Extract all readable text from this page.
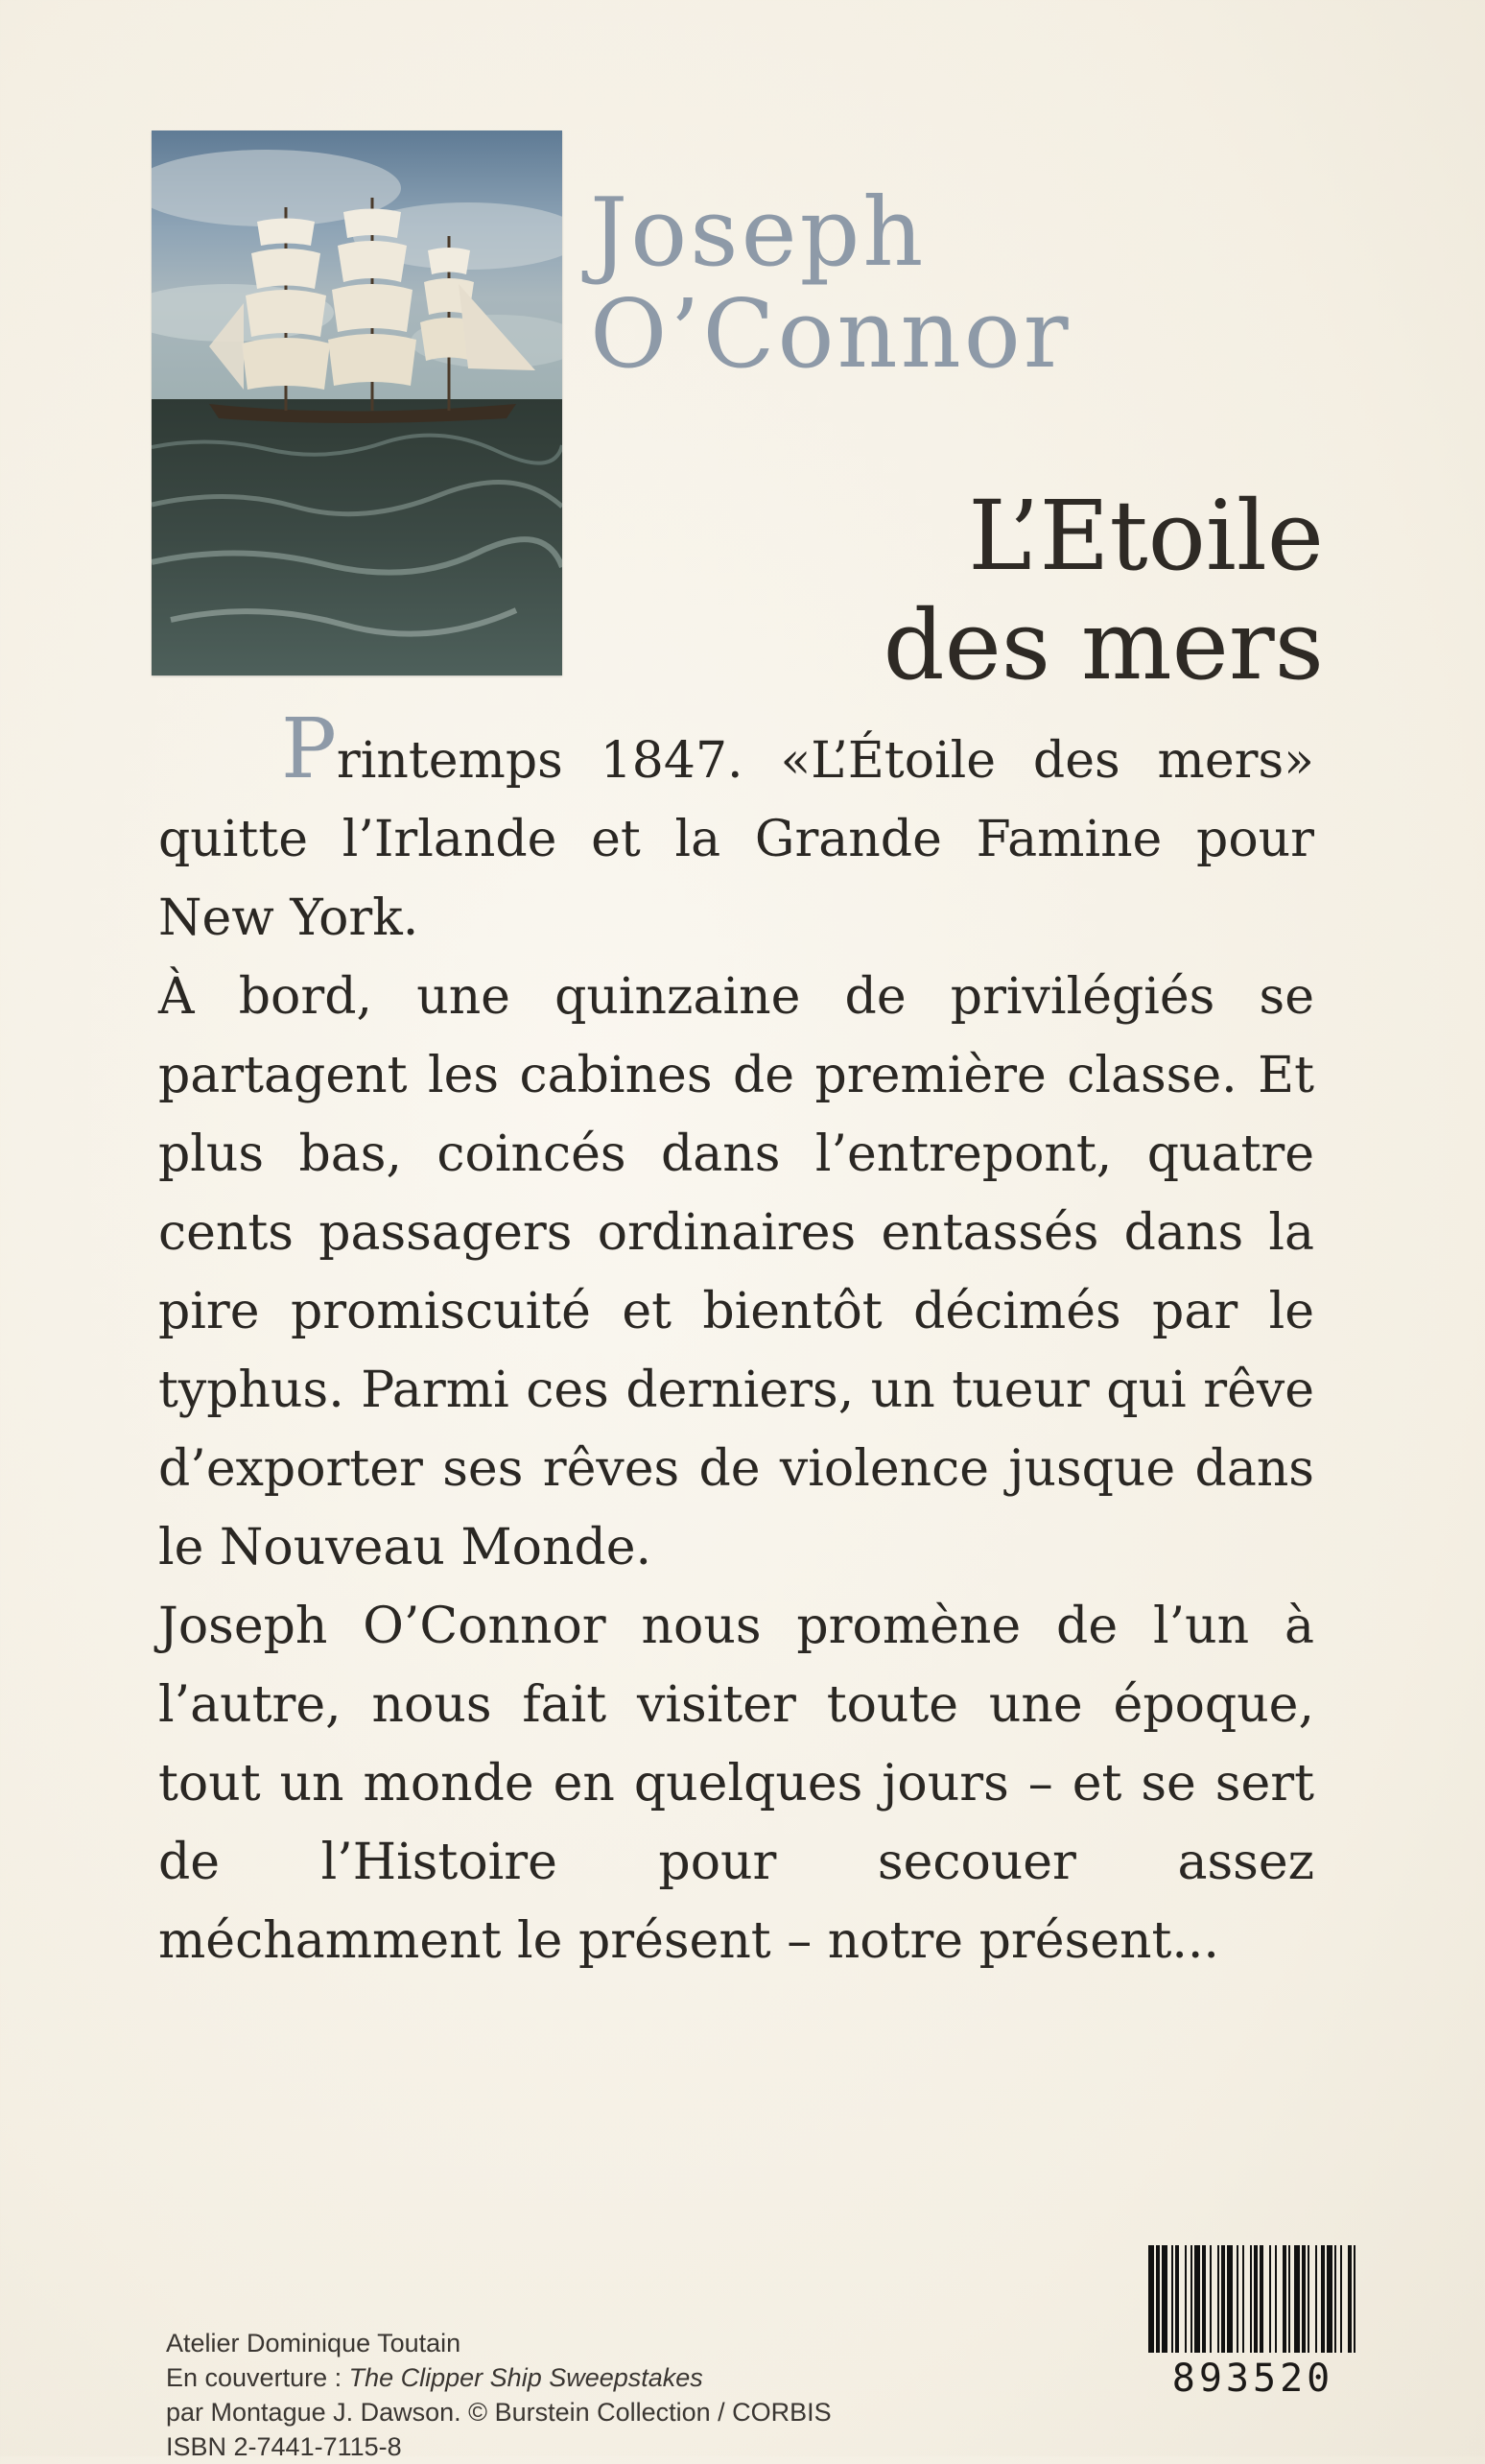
Joseph
O’Connor
L’Etoile
des mers

Printemps 1847. «L’Étoile des mers» quitte l’Irlande et la Grande Famine pour New York.

À bord, une quinzaine de privilégiés se partagent les cabines de première classe. Et plus bas, coincés dans l’entrepont, quatre cents passagers ordinaires entassés dans la pire promiscuité et bientôt décimés par le typhus. Parmi ces derniers, un tueur qui rêve d’exporter ses rêves de violence jusque dans le Nouveau Monde.

Joseph O’Connor nous promène de l’un à l’autre, nous fait visiter toute une époque, tout un monde en quelques jours – et se sert de l’Histoire pour secouer assez méchamment le présent – notre présent...

Atelier Dominique Toutain
En couverture : The Clipper Ship Sweepstakes
par Montague J. Dawson. © Burstein Collection / CORBIS
ISBN 2-7441-7115-8
893520
